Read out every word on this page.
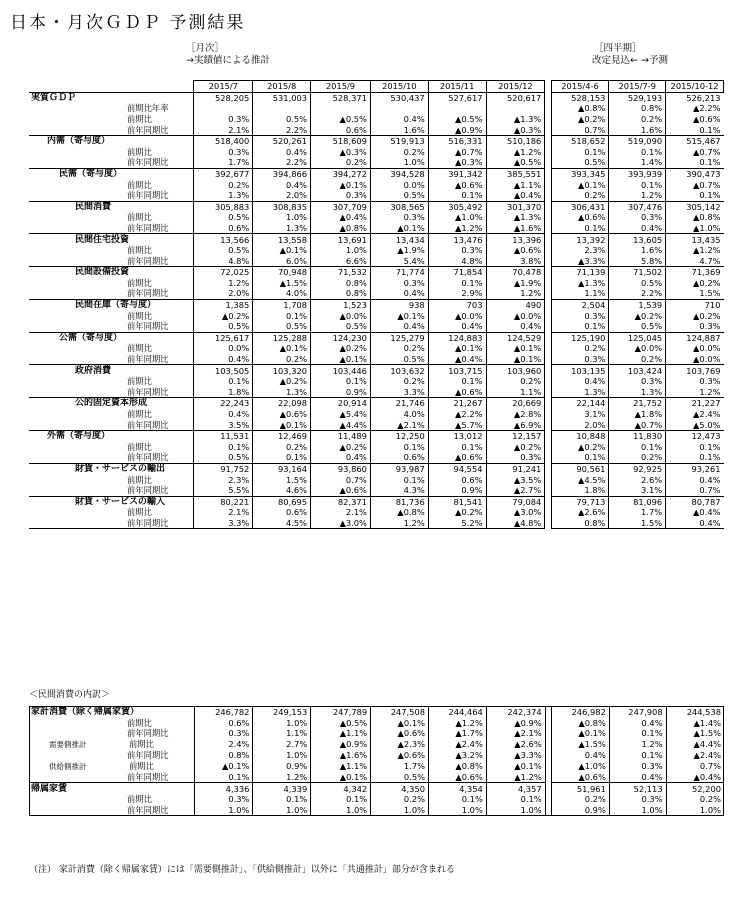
日本・月次ＧＤＰ 予測結果
［月次］
→実績値による推計
［四半期］
改定見込← →予測
	2015/7	2015/8	2015/9	2015/10	2015/11	2015/12		2015/4-6	2015/7-9	2015/10-12
実質ＧＤＰ	528,205	531,003	528,371	530,437	527,617	520,617		528,153	529,193	526,213
前期比年率								▲0.8%	0.8%	▲2.2%
前期比	0.3%	0.5%	▲0.5%	0.4%	▲0.5%	▲1.3%		▲0.2%	0.2%	▲0.6%
前年同期比	2.1%	2.2%	0.6%	1.6%	▲0.9%	▲0.3%		0.7%	1.6%	0.1%
内需（寄与度）	518,400	520,261	518,609	519,913	516,331	510,186		518,652	519,090	515,467
前期比	0.3%	0.4%	▲0.3%	0.2%	▲0.7%	▲1.2%		0.1%	0.1%	▲0.7%
前年同期比	1.7%	2.2%	0.2%	1.0%	▲0.3%	▲0.5%		0.5%	1.4%	0.1%
民需（寄与度）	392,677	394,866	394,272	394,528	391,342	385,551		393,345	393,939	390,473
前期比	0.2%	0.4%	▲0.1%	0.0%	▲0.6%	▲1.1%		▲0.1%	0.1%	▲0.7%
前年同期比	1.3%	2.0%	0.3%	0.5%	0.1%	▲0.4%		0.2%	1.2%	0.1%
民間消費	305,883	308,835	307,709	308,565	305,492	301,370		306,431	307,476	305,142
前期比	0.5%	1.0%	▲0.4%	0.3%	▲1.0%	▲1.3%		▲0.6%	0.3%	▲0.8%
前年同期比	0.6%	1.3%	▲0.8%	▲0.1%	▲1.2%	▲1.6%		0.1%	0.4%	▲1.0%
民間住宅投資	13,566	13,558	13,691	13,434	13,476	13,396		13,392	13,605	13,435
前期比	0.5%	▲0.1%	1.0%	▲1.9%	0.3%	▲0.6%		2.3%	1.6%	▲1.2%
前年同期比	4.8%	6.0%	6.6%	5.4%	4.8%	3.8%		▲3.3%	5.8%	4.7%
民間設備投資	72,025	70,948	71,532	71,774	71,854	70,478		71,139	71,502	71,369
前期比	1.2%	▲1.5%	0.8%	0.3%	0.1%	▲1.9%		▲1.3%	0.5%	▲0.2%
前年同期比	2.0%	4.0%	0.8%	0.4%	2.9%	1.2%		1.1%	2.2%	1.5%
民間在庫（寄与度）	1,385	1,708	1,523	938	703	490		2,504	1,539	710
前期比	▲0.2%	0.1%	▲0.0%	▲0.1%	▲0.0%	▲0.0%		0.3%	▲0.2%	▲0.2%
前年同期比	0.5%	0.5%	0.5%	0.4%	0.4%	0.4%		0.1%	0.5%	0.3%
公需（寄与度）	125,617	125,288	124,230	125,279	124,883	124,529		125,190	125,045	124,887
前期比	0.0%	▲0.1%	▲0.2%	0.2%	▲0.1%	▲0.1%		0.2%	▲0.0%	▲0.0%
前年同期比	0.4%	0.2%	▲0.1%	0.5%	▲0.4%	▲0.1%		0.3%	0.2%	▲0.0%
政府消費	103,505	103,320	103,446	103,632	103,715	103,960		103,135	103,424	103,769
前期比	0.1%	▲0.2%	0.1%	0.2%	0.1%	0.2%		0.4%	0.3%	0.3%
前年同期比	1.8%	1.3%	0.9%	3.3%	▲0.6%	1.1%		1.3%	1.3%	1.2%
公的固定資本形成	22,243	22,098	20,914	21,746	21,267	20,669		22,144	21,752	21,227
前期比	0.4%	▲0.6%	▲5.4%	4.0%	▲2.2%	▲2.8%		3.1%	▲1.8%	▲2.4%
前年同期比	3.5%	▲0.1%	▲4.4%	▲2.1%	▲5.7%	▲6.9%		2.0%	▲0.7%	▲5.0%
外需（寄与度）	11,531	12,469	11,489	12,250	13,012	12,157		10,848	11,830	12,473
前期比	0.1%	0.2%	▲0.2%	0.1%	0.1%	▲0.2%		▲0.2%	0.1%	0.1%
前年同期比	0.5%	0.1%	0.4%	0.6%	▲0.6%	0.3%		0.1%	0.2%	0.1%
財貨・サービスの輸出	91,752	93,164	93,860	93,987	94,554	91,241		90,561	92,925	93,261
前期比	2.3%	1.5%	0.7%	0.1%	0.6%	▲3.5%		▲4.5%	2.6%	0.4%
前年同期比	5.5%	4.6%	▲0.6%	4.3%	0.9%	▲2.7%		1.8%	3.1%	0.7%
財貨・サービスの輸入	80,221	80,695	82,371	81,736	81,541	79,084		79,713	81,096	80,787
前期比	2.1%	0.6%	2.1%	▲0.8%	▲0.2%	▲3.0%		▲2.6%	1.7%	▲0.4%
前年同期比	3.3%	4.5%	▲3.0%	1.2%	5.2%	▲4.8%		0.8%	1.5%	0.4%
＜民間消費の内訳＞
家計消費（除く帰属家賃）	246,782	249,153	247,789	247,508	244,464	242,374		246,982	247,908	244,538
前期比	0.6%	1.0%	▲0.5%	▲0.1%	▲1.2%	▲0.9%		▲0.8%	0.4%	▲1.4%
前年同期比	0.3%	1.1%	▲1.1%	▲0.6%	▲1.7%	▲2.1%		▲0.1%	0.1%	▲1.5%
需要側推計 前期比	2.4%	2.7%	▲0.9%	▲2.3%	▲2.4%	▲2.6%		▲1.5%	1.2%	▲4.4%
前年同期比	0.8%	1.0%	▲1.6%	▲0.6%	▲3.2%	▲3.3%		0.4%	0.1%	▲2.4%
供給側推計 前期比	▲0.1%	0.9%	▲1.1%	1.7%	▲0.8%	▲0.1%		▲1.0%	0.3%	0.7%
前年同期比	0.1%	1.2%	▲0.1%	0.5%	▲0.6%	▲1.2%		▲0.6%	0.4%	▲0.4%
帰属家賃	4,336	4,339	4,342	4,350	4,354	4,357		51,961	52,113	52,200
前期比	0.3%	0.1%	0.1%	0.2%	0.1%	0.1%		0.2%	0.3%	0.2%
前年同期比	1.0%	1.0%	1.0%	1.0%	1.0%	1.0%		0.9%	1.0%	1.0%
（注） 家計消費（除く帰属家賃）には「需要側推計」、「供給側推計」以外に「共通推計」部分が含まれる
